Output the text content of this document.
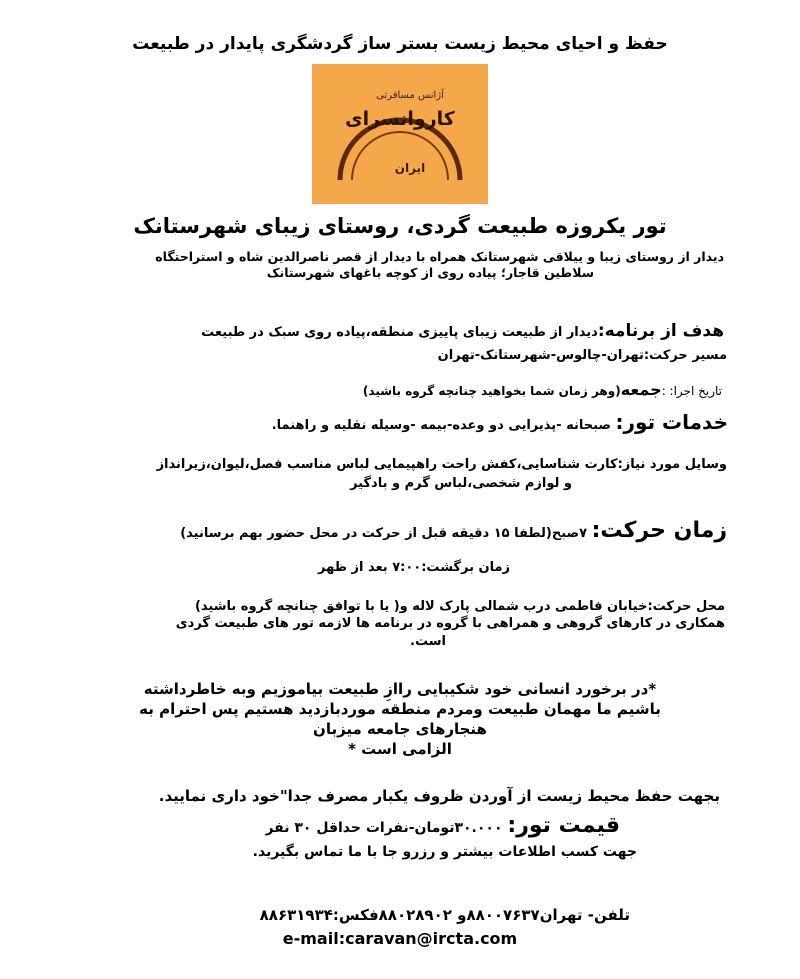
حفظ و احیای محیط زیست بستر ساز گردشگری پایدار در طبیعت
آژانس مسافرتی
کاروانسرای
ایران
تور یکروزه طبیعت گردی، روستای زیبای شهرستانک
دیدار از روستای زیبا و ییلاقی شهرستانک همراه با دیدار از قصر ناصرالدین شاه و استراحتگاه
سلاطین قاجار؛ پیاده روی از کوچه باغهای شهرستانک
هدف از برنامه:دیدار از طبیعت زیبای پاییزی منطقه،پیاده روی سبک در طبیعت
مسیر حرکت:تهران-چالوس-شهرستانک-تهران
تاریخ اجرا: :جمعه(وهر زمان شما بخواهید چنانچه گروه باشید)
خدمات تور: صبحانه -پذیرایی دو وعده-بیمه -وسیله نقلیه و راهنما.
وسایل مورد نیاز:کارت شناسایی،کفش راحت راهپیمایی لباس مناسب فصل،لیوان،زیرانداز
و لوازم شخصی،لباس گرم و بادگیر
زمان حرکت: ۷صبح(لطفا ۱۵ دقیقه قبل از حرکت در محل حضور بهم برسانید)
زمان برگشت:۷:۰۰ بعد از ظهر
محل حرکت:خیابان فاطمی درب شمالی پارک لاله و( یا با توافق چنانچه گروه باشید)
همکاری در کارهای گروهی و همراهی با گروه در برنامه ها لازمه تور های طبیعت گردی
است.
*در برخورد انسانی خود شکیبایی راازِ طبیعت بیاموزیم وبه خاطرداشته
باشیم ما مهمان طبیعت ومردم منطقه موردبازدید هستیم پس احترام به
هنجارهای جامعه میزبان
الزامی است *
بجهت حفظ محیط زیست از آوردن ظروف یکبار مصرف جدا"خود داری نمایید.
قیمت تور: ۳۰.۰۰۰تومان-نفرات حداقل ۳۰ نفر
جهت کسب اطلاعات بیشتر و رزرو جا با ما تماس بگیرید.
تلفن- تهران۸۸۰۰۷۶۳۷و ۸۸۰۲۸۹۰۲فکس:۸۸۶۳۱۹۳۴
e-mail:caravan@ircta.com
